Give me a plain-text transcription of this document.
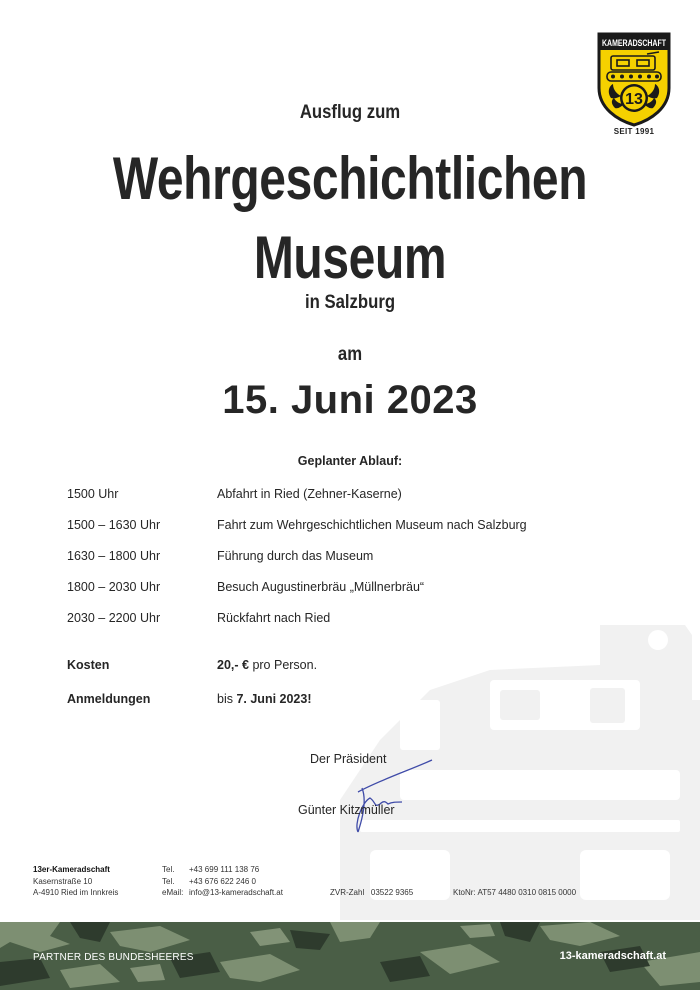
KAMERADSCHAFT
13
SEIT 1991
Ausflug zum
Wehrgeschichtlichen
Museum
in Salzburg
am
15. Juni 2023
Geplanter Ablauf:
1500 Uhr	Abfahrt in Ried (Zehner-Kaserne)
1500 – 1630 Uhr	Fahrt zum Wehrgeschichtlichen Museum nach Salzburg
1630 – 1800 Uhr	Führung durch das Museum
1800 – 2030 Uhr	Besuch Augustinerbräu „Müllnerbräu“
2030 – 2200 Uhr	Rückfahrt nach Ried
Kosten	20,- € pro Person.
Anmeldungen	bis 7. Juni 2023!
Der Präsident
Günter Kitzmüller
13er-Kameradschaft
Kasernstraße 10
A-4910 Ried im Innkreis
Tel. +43 699 111 138 76
Tel. +43 676 622 246 0
eMail: info@13-kameradschaft.at	ZVR-Zahl   03522 9365	KtoNr: AT57 4480 0310 0815 0000
PARTNER DES BUNDESHEERES	13-kameradschaft.at
